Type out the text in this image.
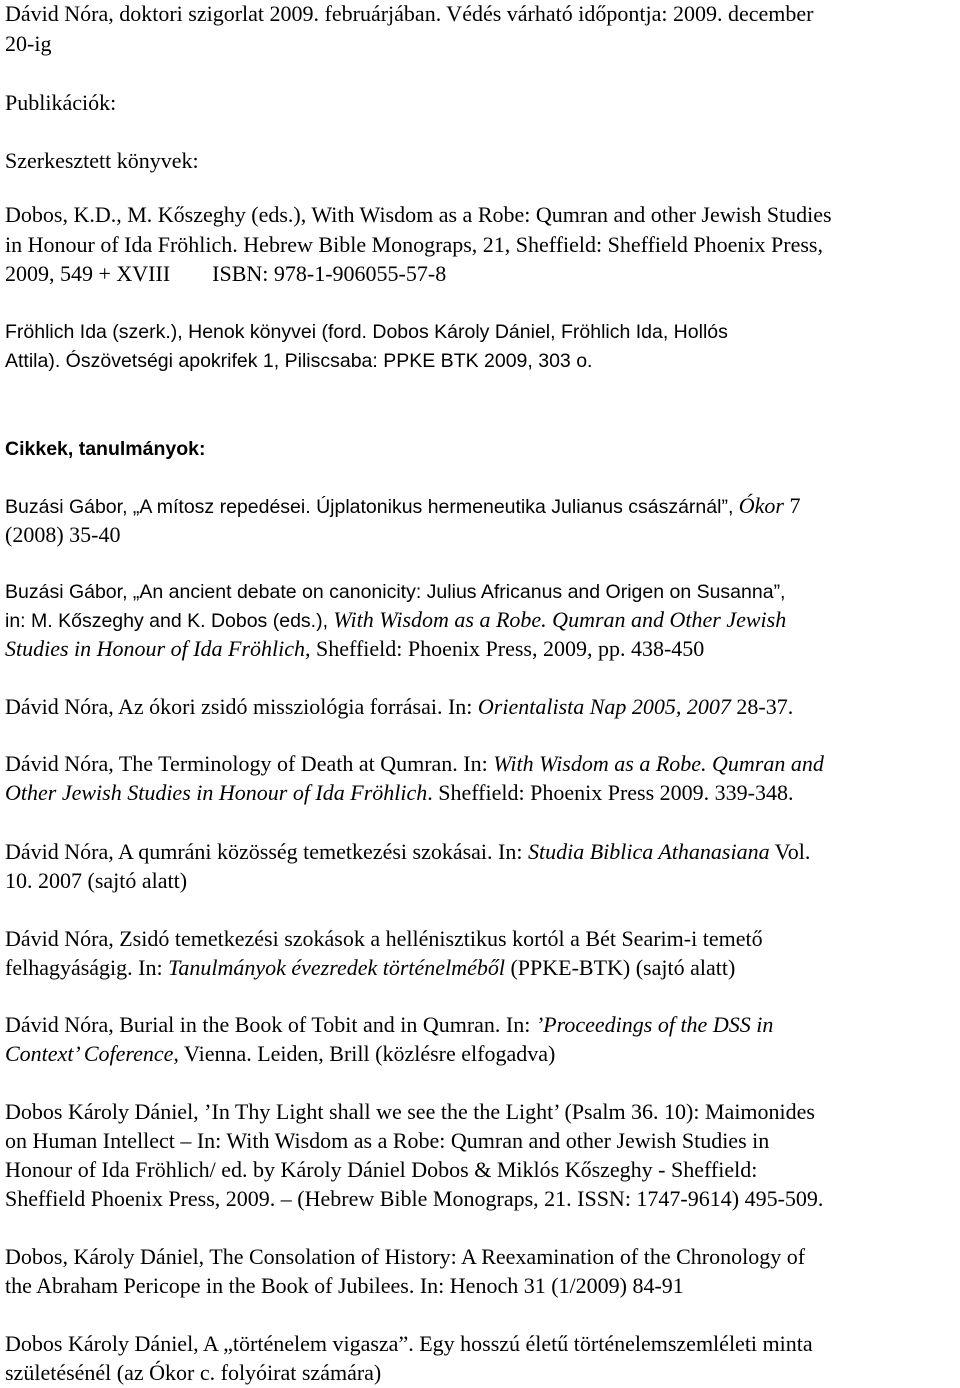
Dávid Nóra, doktori szigorlat 2009. februárjában. Védés várható időpontja: 2009. december
20-ig
Publikációk:
Szerkesztett könyvek:
Dobos, K.D., M. Kőszeghy (eds.), With Wisdom as a Robe: Qumran and other Jewish Studies
in Honour of Ida Fröhlich. Hebrew Bible Monograps, 21, Sheffield: Sheffield Phoenix Press,
2009, 549 + XVIII ISBN: 978-1-906055-57-8
Fröhlich Ida (szerk.), Henok könyvei (ford. Dobos Károly Dániel, Fröhlich Ida, Hollós
Attila). Ószövetségi apokrifek 1, Piliscsaba: PPKE BTK 2009, 303 o.
Cikkek, tanulmányok:
Buzási Gábor, „A mítosz repedései. Újplatonikus hermeneutika Julianus császárnál”, Ókor 7
(2008) 35-40
Buzási Gábor, „An ancient debate on canonicity: Julius Africanus and Origen on Susanna”,
in: M. Kőszeghy and K. Dobos (eds.), With Wisdom as a Robe. Qumran and Other Jewish
Studies in Honour of Ida Fröhlich, Sheffield: Phoenix Press, 2009, pp. 438-450
Dávid Nóra, Az ókori zsidó missziológia forrásai. In: Orientalista Nap 2005, 2007 28-37.
Dávid Nóra, The Terminology of Death at Qumran. In: With Wisdom as a Robe. Qumran and
Other Jewish Studies in Honour of Ida Fröhlich. Sheffield: Phoenix Press 2009. 339-348.
Dávid Nóra, A qumráni közösség temetkezési szokásai. In: Studia Biblica Athanasiana Vol.
10. 2007 (sajtó alatt)
Dávid Nóra, Zsidó temetkezési szokások a hellénisztikus kortól a Bét Searim-i temető
felhagyáságig. In: Tanulmányok évezredek történelméből (PPKE-BTK) (sajtó alatt)
Dávid Nóra, Burial in the Book of Tobit and in Qumran. In: ’Proceedings of the DSS in
Context’ Coference, Vienna. Leiden, Brill (közlésre elfogadva)
Dobos Károly Dániel, ’In Thy Light shall we see the the Light’ (Psalm 36. 10): Maimonides
on Human Intellect – In: With Wisdom as a Robe: Qumran and other Jewish Studies in
Honour of Ida Fröhlich/ ed. by Károly Dániel Dobos & Miklós Kőszeghy - Sheffield:
Sheffield Phoenix Press, 2009. – (Hebrew Bible Monograps, 21. ISSN: 1747-9614) 495-509.
Dobos, Károly Dániel, The Consolation of History: A Reexamination of the Chronology of
the Abraham Pericope in the Book of Jubilees. In: Henoch 31 (1/2009) 84-91
Dobos Károly Dániel, A „történelem vigasza”. Egy hosszú életű történelemszemléleti minta
születésénél (az Ókor c. folyóirat számára)
